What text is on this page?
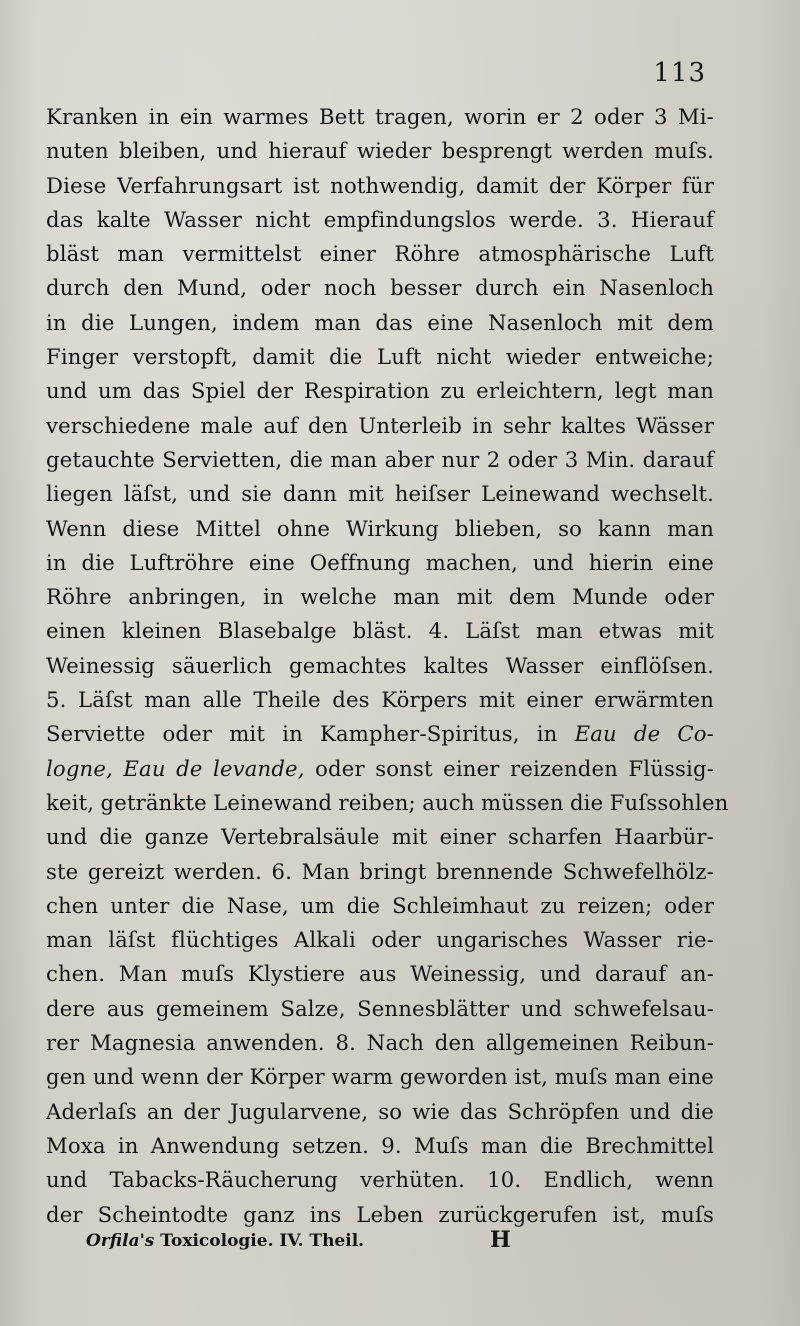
113
Kranken in ein warmes Bett tragen, worin er 2 oder 3 Mi-
nuten bleiben, und hierauf wieder besprengt werden muſs.
Diese Verfahrungsart ist nothwendig, damit der Körper für
das kalte Wasser nicht empfindungslos werde. 3. Hierauf
bläst man vermittelst einer Röhre atmosphärische Luft
durch den Mund, oder noch besser durch ein Nasenloch
in die Lungen, indem man das eine Nasenloch mit dem
Finger verstopft, damit die Luft nicht wieder entweiche;
und um das Spiel der Respiration zu erleichtern, legt man
verschiedene male auf den Unterleib in sehr kaltes Wässer
getauchte Servietten, die man aber nur 2 oder 3 Min. darauf
liegen läſst, und sie dann mit heiſser Leinewand wechselt.
Wenn diese Mittel ohne Wirkung blieben, so kann man
in die Luftröhre eine Oeffnung machen, und hierin eine
Röhre anbringen, in welche man mit dem Munde oder
einen kleinen Blasebalge bläst. 4. Läſst man etwas mit
Weinessig säuerlich gemachtes kaltes Wasser einflöſsen.
5. Läſst man alle Theile des Körpers mit einer erwärmten
Serviette oder mit in Kampher-Spiritus, in Eau de Co-
logne, Eau de levande, oder sonst einer reizenden Flüssig-
keit, getränkte Leinewand reiben; auch müssen die Fuſssohlen
und die ganze Vertebralsäule mit einer scharfen Haarbür-
ste gereizt werden. 6. Man bringt brennende Schwefelhölz-
chen unter die Nase, um die Schleimhaut zu reizen; oder
man läſst flüchtiges Alkali oder ungarisches Wasser rie-
chen. Man muſs Klystiere aus Weinessig, und darauf an-
dere aus gemeinem Salze, Sennesblätter und schwefelsau-
rer Magnesia anwenden. 8. Nach den allgemeinen Reibun-
gen und wenn der Körper warm geworden ist, muſs man eine
Aderlaſs an der Jugularvene, so wie das Schröpfen und die
Moxa in Anwendung setzen. 9. Muſs man die Brechmittel
und Tabacks-Räucherung verhüten. 10. Endlich, wenn
der Scheintodte ganz ins Leben zurückgerufen ist, muſs
Orfila's Toxicologie. IV. Theil.	H
